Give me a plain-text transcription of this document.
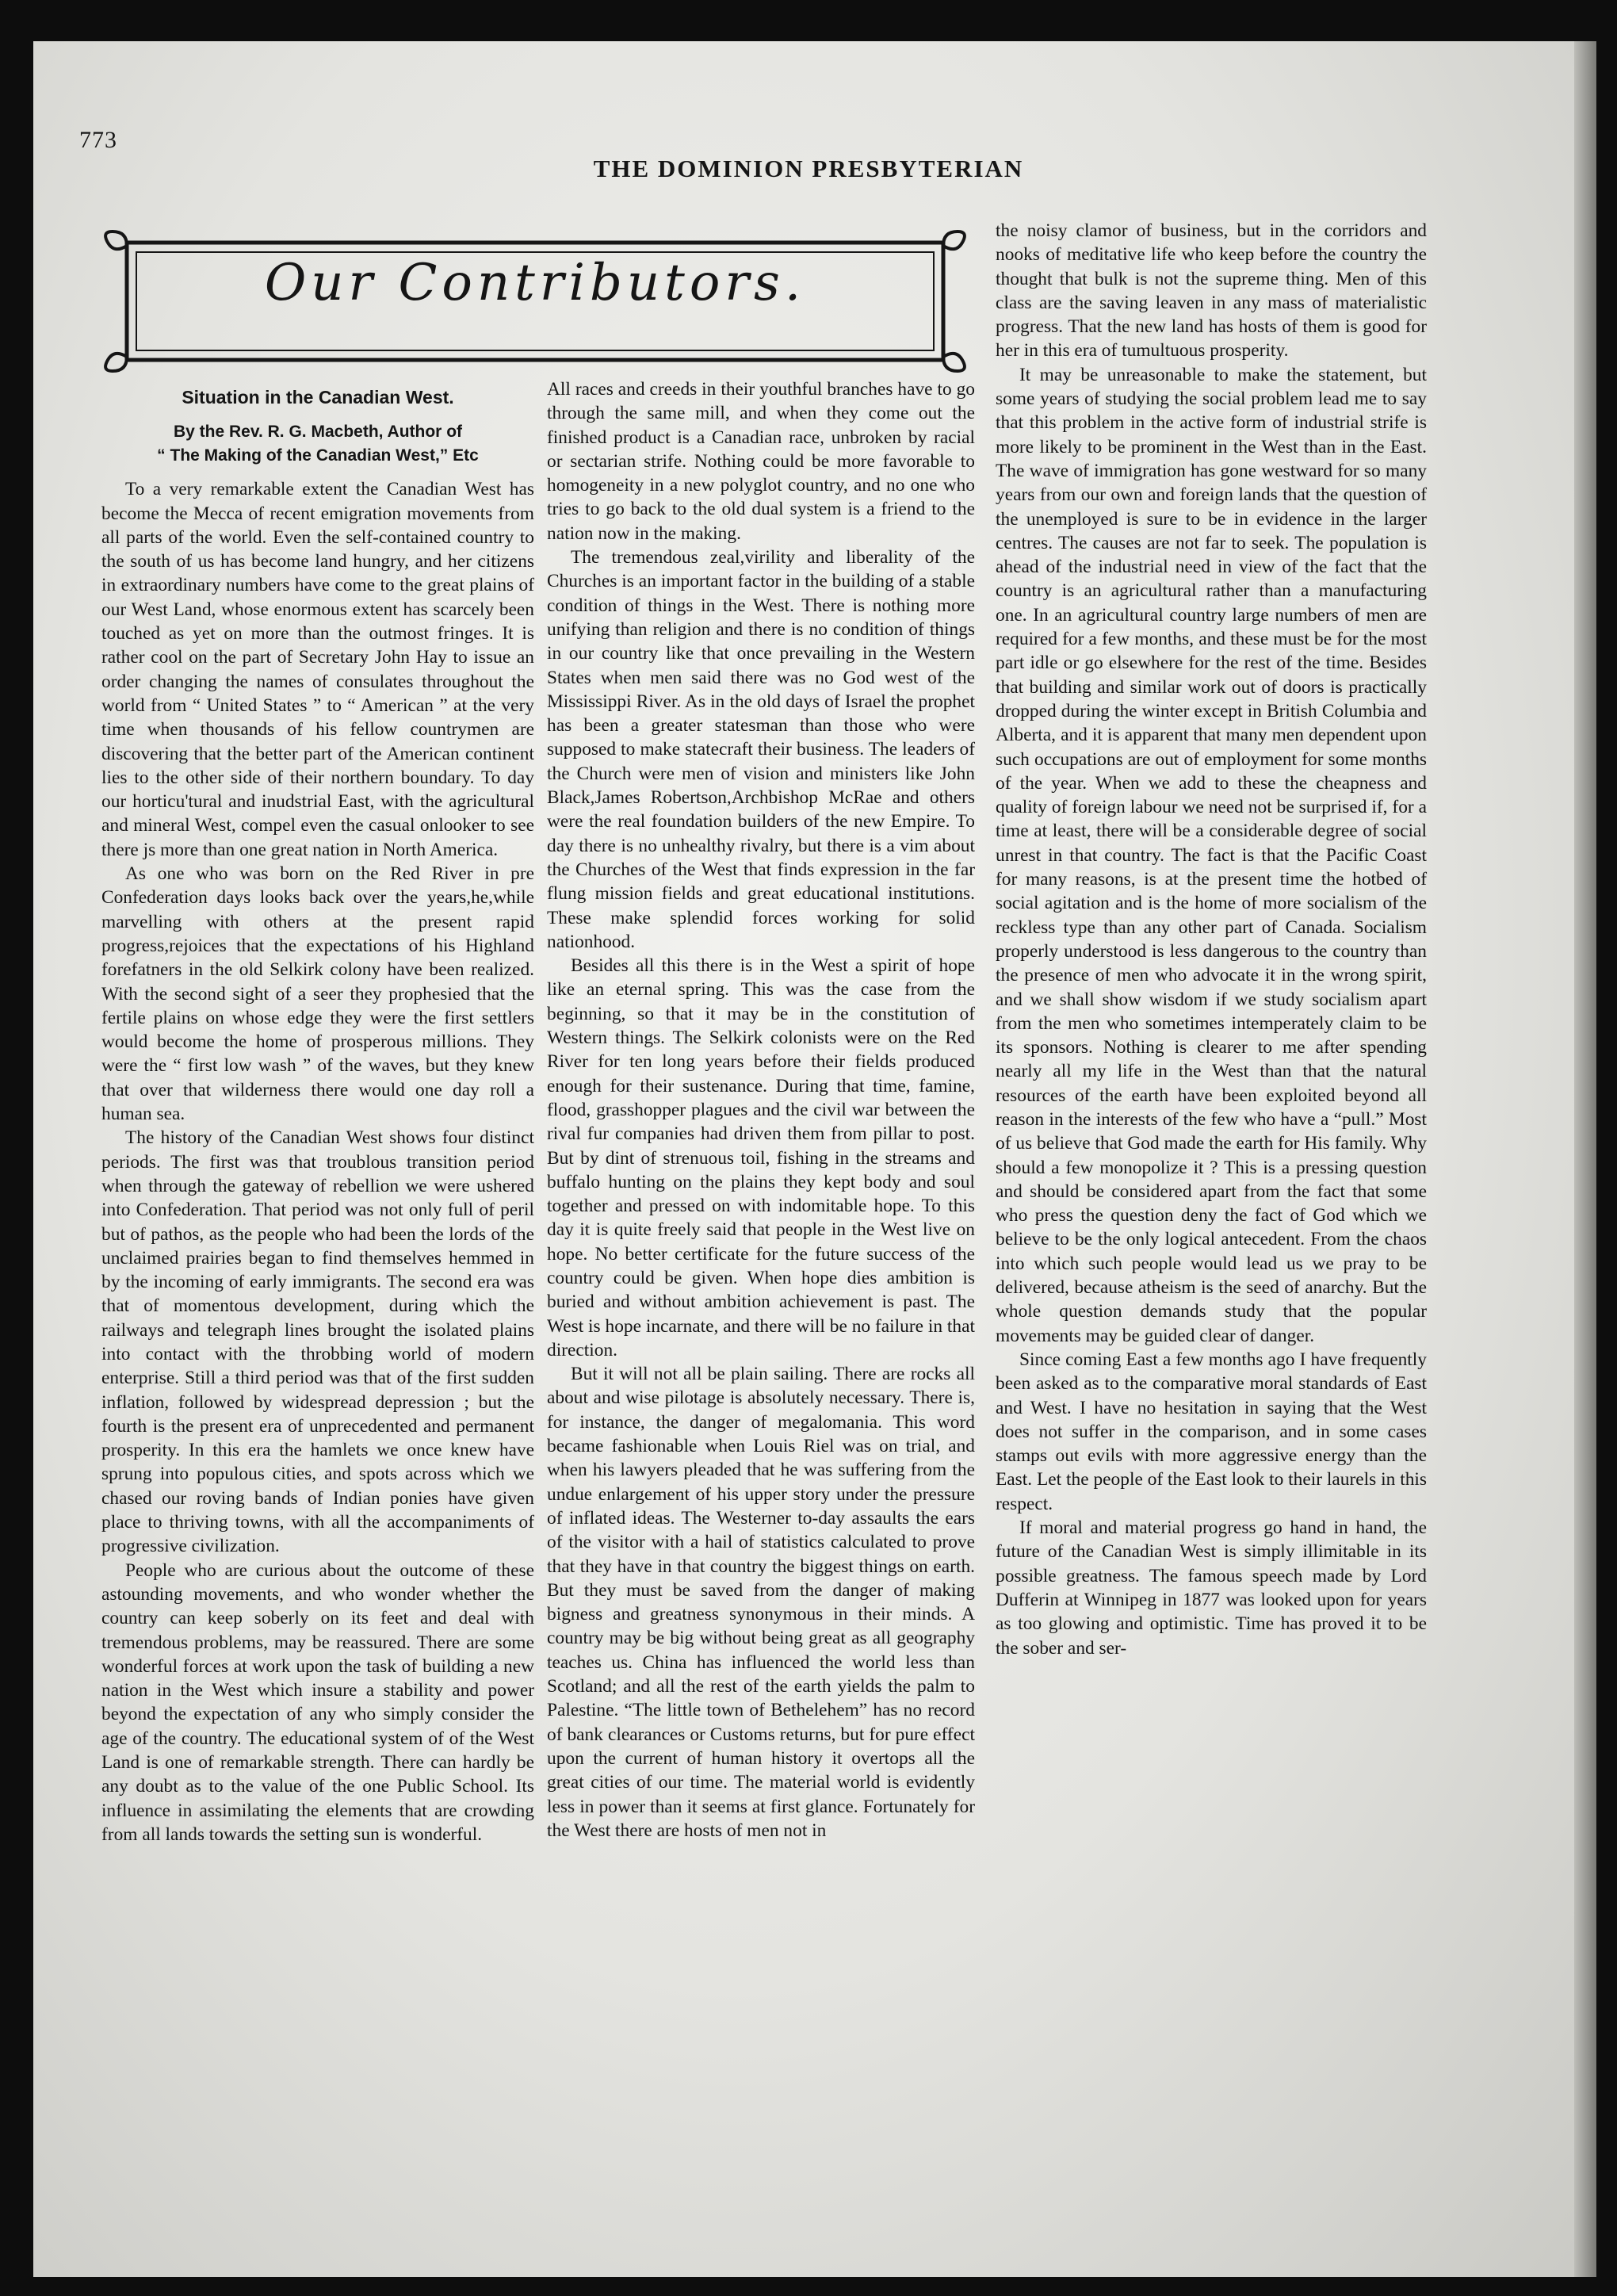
773
THE DOMINION PRESBYTERIAN
Our Contributors.
Situation in the Canadian West.
By the Rev. R. G. Macbeth, Author of
“ The Making of the Canadian West,” Etc

To a very remarkable extent the Canadian West has become the Mecca of recent emigration movements from all parts of the world. Even the self-contained country to the south of us has become land hungry, and her citizens in extraordinary numbers have come to the great plains of our West Land, whose enormous extent has scarcely been touched as yet on more than the outmost fringes. It is rather cool on the part of Secretary John Hay to issue an order changing the names of consulates throughout the world from “ United States ” to “ American ” at the very time when thousands of his fellow countrymen are discovering that the better part of the American continent lies to the other side of their northern boundary. To day our horticu'tural and inudstrial East, with the agricultural and mineral West, compel even the casual onlooker to see there js more than one great nation in North America.

As one who was born on the Red River in pre Confederation days looks back over the years,he,while marvelling with others at the present rapid progress,rejoices that the expectations of his Highland forefatners in the old Selkirk colony have been realized. With the second sight of a seer they prophesied that the fertile plains on whose edge they were the first settlers would become the home of prosperous millions. They were the “ first low wash ” of the waves, but they knew that over that wilderness there would one day roll a human sea.

The history of the Canadian West shows four distinct periods. The first was that troublous transition period when through the gateway of rebellion we were ushered into Confederation. That period was not only full of peril but of pathos, as the people who had been the lords of the unclaimed prairies began to find themselves hemmed in by the incoming of early immigrants. The second era was that of momentous development, during which the railways and telegraph lines brought the isolated plains into contact with the throbbing world of modern enterprise. Still a third period was that of the first sudden inflation, followed by widespread depression ; but the fourth is the present era of unprecedented and permanent prosperity. In this era the hamlets we once knew have sprung into populous cities, and spots across which we chased our roving bands of Indian ponies have given place to thriving towns, with all the accompaniments of progressive civilization.

People who are curious about the outcome of these astounding movements, and who wonder whether the country can keep soberly on its feet and deal with tremendous problems, may be reassured. There are some wonderful forces at work upon the task of building a new nation in the West which insure a stability and power beyond the expectation of any who simply consider the age of the country. The educational system of of the West Land is one of remarkable strength. There can hardly be any doubt as to the value of the one Public School. Its influence in assimilating the elements that are crowding from all lands towards the setting sun is wonderful.

All races and creeds in their youthful branches have to go through the same mill, and when they come out the finished product is a Canadian race, unbroken by racial or sectarian strife. Nothing could be more favorable to homogeneity in a new polyglot country, and no one who tries to go back to the old dual system is a friend to the nation now in the making.

The tremendous zeal,virility and liberality of the Churches is an important factor in the building of a stable condition of things in the West. There is nothing more unifying than religion and there is no condition of things in our country like that once prevailing in the Western States when men said there was no God west of the Mississippi River. As in the old days of Israel the prophet has been a greater statesman than those who were supposed to make statecraft their business. The leaders of the Church were men of vision and ministers like John Black,James Robertson,Archbishop McRae and others were the real foundation builders of the new Empire. To day there is no unhealthy rivalry, but there is a vim about the Churches of the West that finds expression in the far flung mission fields and great educational institutions. These make splendid forces working for solid nationhood.

Besides all this there is in the West a spirit of hope like an eternal spring. This was the case from the beginning, so that it may be in the constitution of Western things. The Selkirk colonists were on the Red River for ten long years before their fields produced enough for their sustenance. During that time, famine, flood, grasshopper plagues and the civil war between the rival fur companies had driven them from pillar to post. But by dint of strenuous toil, fishing in the streams and buffalo hunting on the plains they kept body and soul together and pressed on with indomitable hope. To this day it is quite freely said that people in the West live on hope. No better certificate for the future success of the country could be given. When hope dies ambition is buried and without ambition achievement is past. The West is hope incarnate, and there will be no failure in that direction.

But it will not all be plain sailing. There are rocks all about and wise pilotage is absolutely necessary. There is, for instance, the danger of megalomania. This word became fashionable when Louis Riel was on trial, and when his lawyers pleaded that he was suffering from the undue enlargement of his upper story under the pressure of inflated ideas. The Westerner to-day assaults the ears of the visitor with a hail of statistics calculated to prove that they have in that country the biggest things on earth. But they must be saved from the danger of making bigness and greatness synonymous in their minds. A country may be big without being great as all geography teaches us. China has influenced the world less than Scotland; and all the rest of the earth yields the palm to Palestine. “The little town of Bethelehem” has no record of bank clearances or Customs returns, but for pure effect upon the current of human history it overtops all the great cities of our time. The material world is evidently less in power than it seems at first glance. Fortunately for the West there are hosts of men not in

the noisy clamor of business, but in the corridors and nooks of meditative life who keep before the country the thought that bulk is not the supreme thing. Men of this class are the saving leaven in any mass of materialistic progress. That the new land has hosts of them is good for her in this era of tumultuous prosperity.

It may be unreasonable to make the statement, but some years of studying the social problem lead me to say that this problem in the active form of industrial strife is more likely to be prominent in the West than in the East. The wave of immigration has gone westward for so many years from our own and foreign lands that the question of the unemployed is sure to be in evidence in the larger centres. The causes are not far to seek. The population is ahead of the industrial need in view of the fact that the country is an agricultural rather than a manufacturing one. In an agricultural country large numbers of men are required for a few months, and these must be for the most part idle or go elsewhere for the rest of the time. Besides that building and similar work out of doors is practically dropped during the winter except in British Columbia and Alberta, and it is apparent that many men dependent upon such occupations are out of employment for some months of the year. When we add to these the cheapness and quality of foreign labour we need not be surprised if, for a time at least, there will be a considerable degree of social unrest in that country. The fact is that the Pacific Coast for many reasons, is at the present time the hotbed of social agitation and is the home of more socialism of the reckless type than any other part of Canada. Socialism properly understood is less dangerous to the country than the presence of men who advocate it in the wrong spirit, and we shall show wisdom if we study socialism apart from the men who sometimes intemperately claim to be its sponsors. Nothing is clearer to me after spending nearly all my life in the West than that the natural resources of the earth have been exploited beyond all reason in the interests of the few who have a “pull.” Most of us believe that God made the earth for His family. Why should a few monopolize it ? This is a pressing question and should be considered apart from the fact that some who press the question deny the fact of God which we believe to be the only logical antecedent. From the chaos into which such people would lead us we pray to be delivered, because atheism is the seed of anarchy. But the whole question demands study that the popular movements may be guided clear of danger.

Since coming East a few months ago I have frequently been asked as to the comparative moral standards of East and West. I have no hesitation in saying that the West does not suffer in the comparison, and in some cases stamps out evils with more aggressive energy than the East. Let the people of the East look to their laurels in this respect.

If moral and material progress go hand in hand, the future of the Canadian West is simply illimitable in its possible greatness. The famous speech made by Lord Dufferin at Winnipeg in 1877 was looked upon for years as too glowing and optimistic. Time has proved it to be the sober and ser-
